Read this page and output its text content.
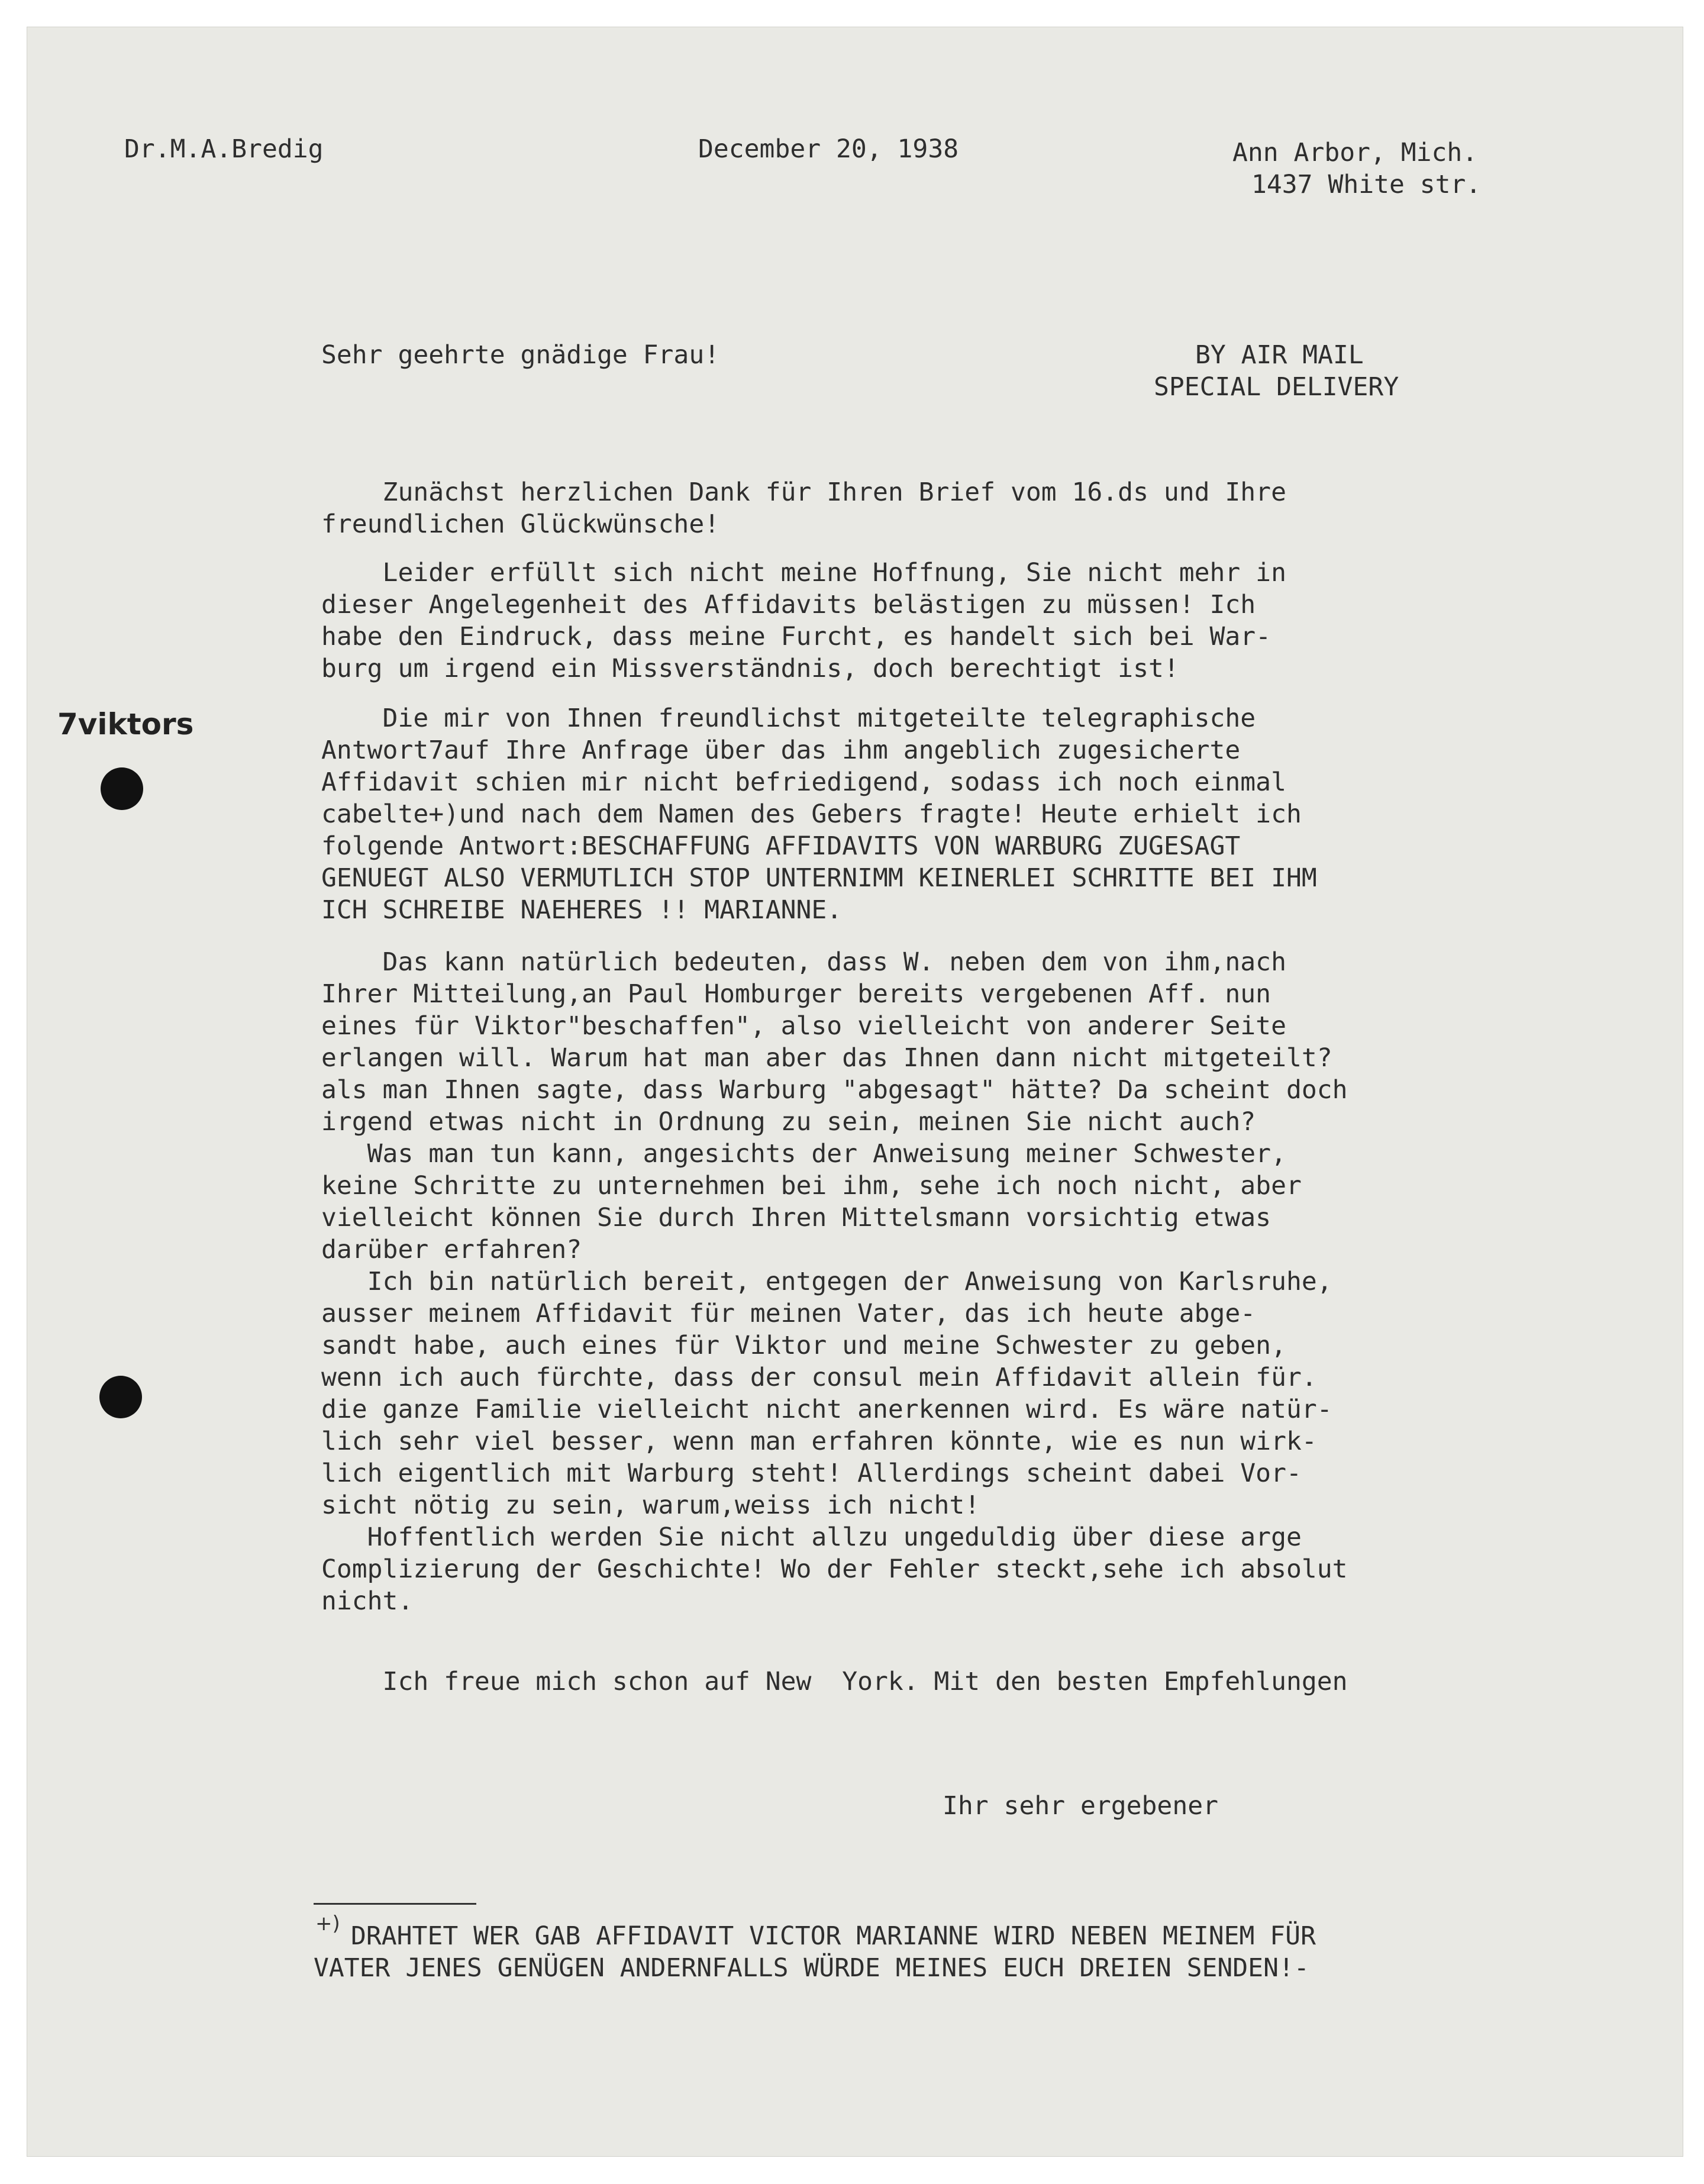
Dr.M.A.Bredig	December 20, 1938	Ann Arbor, Mich.
1437 White str.
Sehr geehrte gnädige Frau!	BY AIR MAIL
SPECIAL DELIVERY
7viktors
Zunächst herzlichen Dank für Ihren Brief vom 16.ds und Ihre
freundlichen Glückwünsche!
Leider erfüllt sich nicht meine Hoffnung, Sie nicht mehr in
dieser Angelegenheit des Affidavits belästigen zu müssen! Ich
habe den Eindruck, dass meine Furcht, es handelt sich bei War-
burg um irgend ein Missverständnis, doch berechtigt ist!
Die mir von Ihnen freundlichst mitgeteilte telegraphische
Antwort7auf Ihre Anfrage über das ihm angeblich zugesicherte
Affidavit schien mir nicht befriedigend, sodass ich noch einmal
cabelte+)und nach dem Namen des Gebers fragte! Heute erhielt ich
folgende Antwort:BESCHAFFUNG AFFIDAVITS VON WARBURG ZUGESAGT
GENUEGT ALSO VERMUTLICH STOP UNTERNIMM KEINERLEI SCHRITTE BEI IHM
ICH SCHREIBE NAEHERES !! MARIANNE.
Das kann natürlich bedeuten, dass W. neben dem von ihm,nach
Ihrer Mitteilung,an Paul Homburger bereits vergebenen Aff. nun
eines für Viktor"beschaffen", also vielleicht von anderer Seite
erlangen will. Warum hat man aber das Ihnen dann nicht mitgeteilt?
als man Ihnen sagte, dass Warburg "abgesagt" hätte? Da scheint doch
irgend etwas nicht in Ordnung zu sein, meinen Sie nicht auch?
Was man tun kann, angesichts der Anweisung meiner Schwester,
keine Schritte zu unternehmen bei ihm, sehe ich noch nicht, aber
vielleicht können Sie durch Ihren Mittelsmann vorsichtig etwas
darüber erfahren?
Ich bin natürlich bereit, entgegen der Anweisung von Karlsruhe,
ausser meinem Affidavit für meinen Vater, das ich heute abge-
sandt habe, auch eines für Viktor und meine Schwester zu geben,
wenn ich auch fürchte, dass der consul mein Affidavit allein für.
die ganze Familie vielleicht nicht anerkennen wird. Es wäre natür-
lich sehr viel besser, wenn man erfahren könnte, wie es nun wirk-
lich eigentlich mit Warburg steht! Allerdings scheint dabei Vor-
sicht nötig zu sein, warum,weiss ich nicht!
Hoffentlich werden Sie nicht allzu ungeduldig über diese arge
Complizierung der Geschichte! Wo der Fehler steckt,sehe ich absolut
nicht.
Ich freue mich schon auf New  York. Mit den besten Empfehlungen
Ihr sehr ergebener
+) DRAHTET WER GAB AFFIDAVIT VICTOR MARIANNE WIRD NEBEN MEINEM FÜR
VATER JENES GENÜGEN ANDERNFALLS WÜRDE MEINES EUCH DREIEN SENDEN!-
